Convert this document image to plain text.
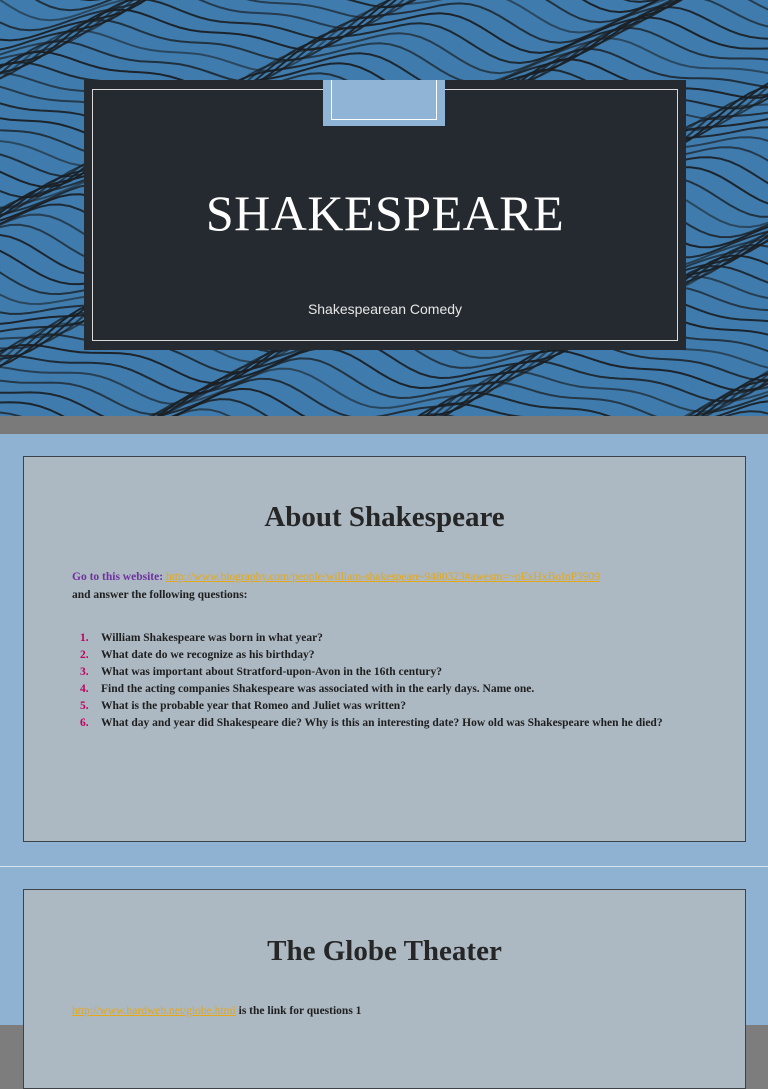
SHAKESPEARE
Shakespearean Comedy
About Shakespeare
Go to this website: http://www.biography.com/people/william-shakespeare-9480323#awesm=~oExHxBoInP3909
and answer the following questions:
1. William Shakespeare was born in what year?
2. What date do we recognize as his birthday?
3. What was important about Stratford-upon-Avon in the 16th century?
4. Find the acting companies Shakespeare was associated with in the early days. Name one.
5. What is the probable year that Romeo and Juliet was written?
6. What day and year did Shakespeare die? Why is this an interesting date? How old was Shakespeare when he died?
The Globe Theater
http://www.bardweb.net/globe.html is the link for questions 1
